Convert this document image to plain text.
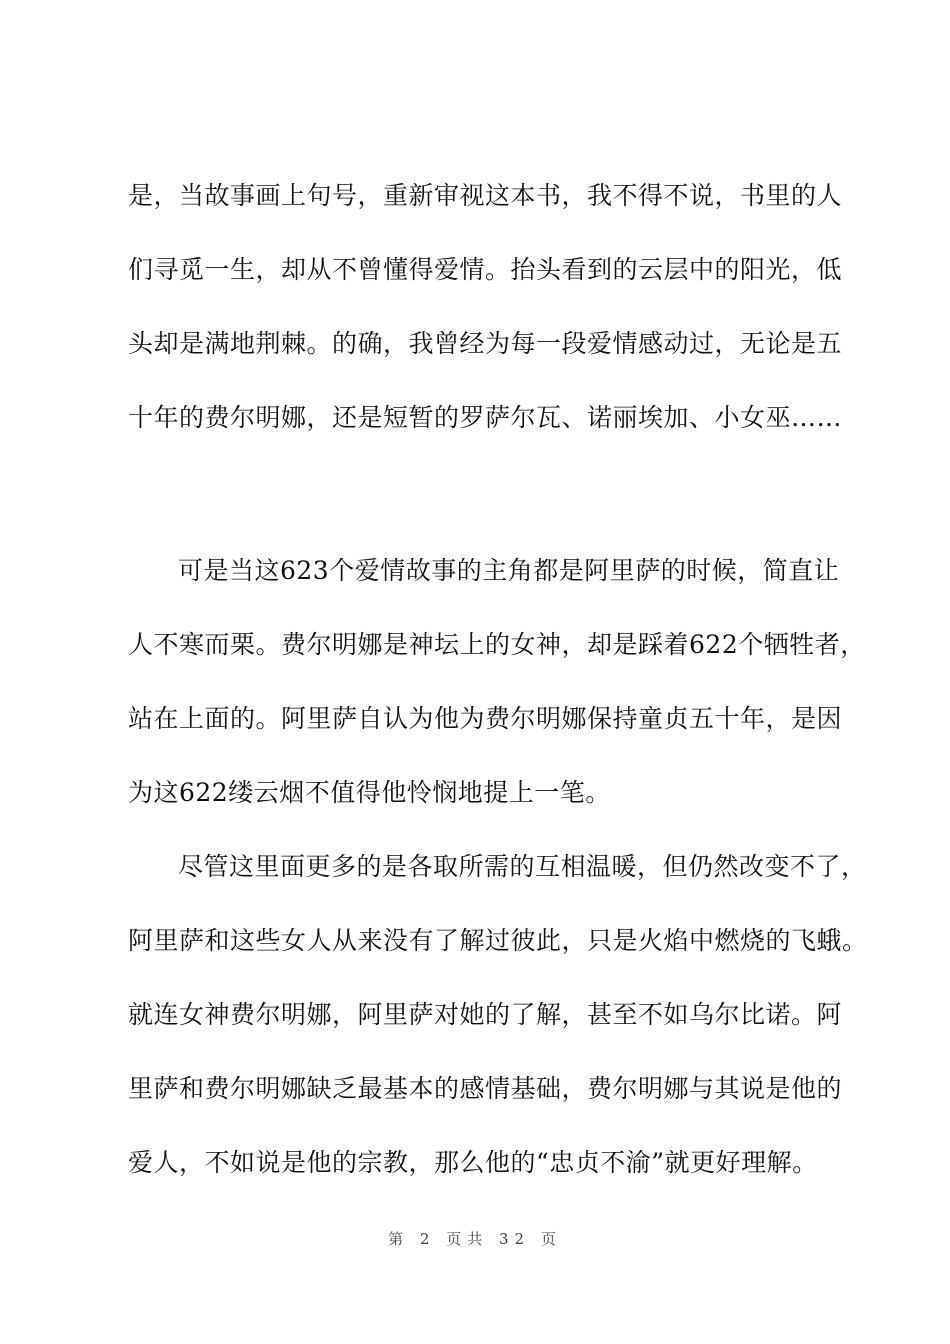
是，当故事画上句号，重新审视这本书，我不得不说，书里的人
们寻觅一生，却从不曾懂得爱情。抬头看到的云层中的阳光，低
头却是满地荆棘。的确，我曾经为每一段爱情感动过，无论是五
十年的费尔明娜，还是短暂的罗萨尔瓦、诺丽埃加、小女巫……
可是当这623个爱情故事的主角都是阿里萨的时候，简直让
人不寒而栗。费尔明娜是神坛上的女神，却是踩着622个牺牲者，
站在上面的。阿里萨自认为他为费尔明娜保持童贞五十年，是因
为这622缕云烟不值得他怜悯地提上一笔。
尽管这里面更多的是各取所需的互相温暖，但仍然改变不了，
阿里萨和这些女人从来没有了解过彼此，只是火焰中燃烧的飞蛾。
就连女神费尔明娜，阿里萨对她的了解，甚至不如乌尔比诺。阿
里萨和费尔明娜缺乏最基本的感情基础，费尔明娜与其说是他的
爱人，不如说是他的宗教，那么他的“忠贞不渝”就更好理解。
第 2 页共 32 页
